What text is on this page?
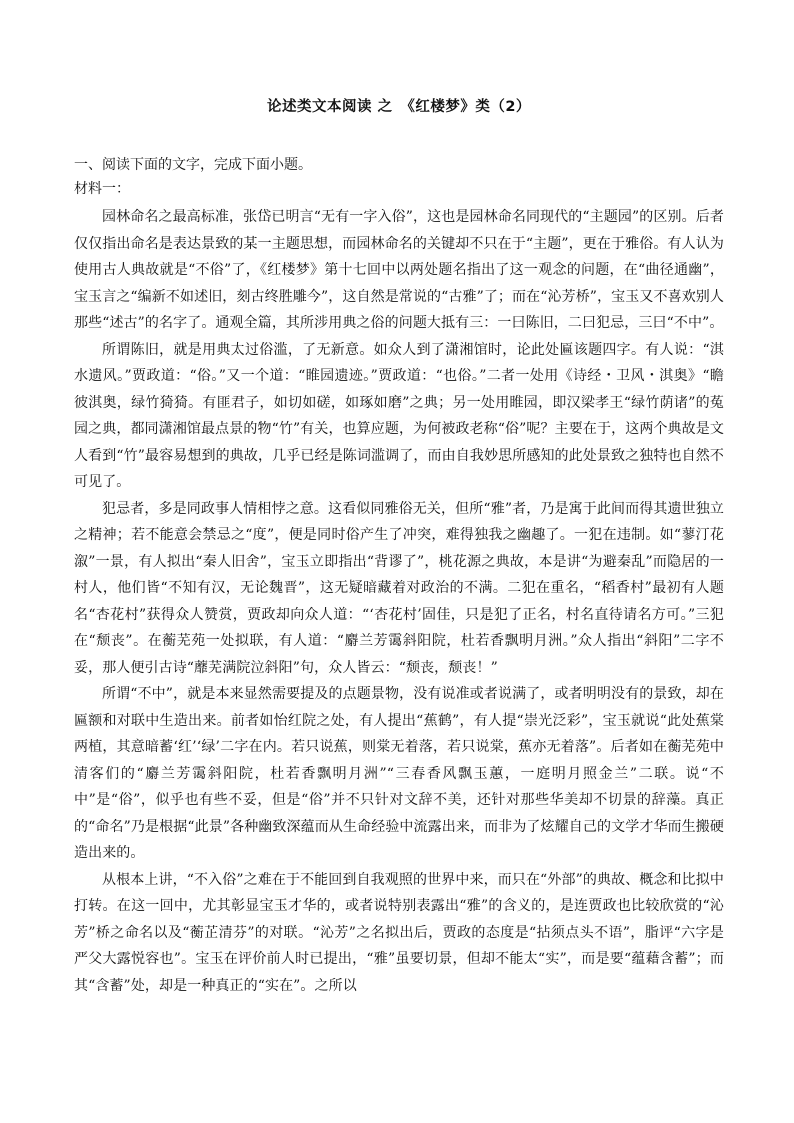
论述类文本阅读 之　《红楼梦》类（2）

一、阅读下面的文字，完成下面小题。

材料一：

园林命名之最高标准，张岱已明言“无有一字入俗”，这也是园林命名同现代的“主题园”的区别。后者仅仅指出命名是表达景致的某一主题思想，而园林命名的关键却不只在于“主题”，更在于雅俗。有人认为使用古人典故就是“不俗”了，《红楼梦》第十七回中以两处题名指出了这一观念的问题，在“曲径通幽”，宝玉言之“编新不如述旧，刻古终胜雕今”，这自然是常说的“古雅”了；而在“沁芳桥”，宝玉又不喜欢别人那些“述古”的名字了。通观全篇，其所涉用典之俗的问题大抵有三：一曰陈旧，二曰犯忌，三曰“不中”。

所谓陈旧，就是用典太过俗滥，了无新意。如众人到了潇湘馆时，论此处匾该题四字。有人说：“淇水遗风。”贾政道：“俗。”又一个道：“睢园遗迹。”贾政道：“也俗。”二者一处用《诗经・卫风・淇奥》“瞻彼淇奥，绿竹猗猗。有匪君子，如切如磋，如琢如磨”之典；另一处用睢园，即汉梁孝王“绿竹荫诸”的菟园之典，都同潇湘馆最点景的物“竹”有关，也算应题，为何被政老称“俗”呢？主要在于，这两个典故是文人看到“竹”最容易想到的典故，几乎已经是陈词滥调了，而由自我妙思所感知的此处景致之独特也自然不可见了。

犯忌者，多是同政事人情相悖之意。这看似同雅俗无关，但所“雅”者，乃是寓于此间而得其遗世独立之精神；若不能意会禁忌之“度”，便是同时俗产生了冲突，难得独我之幽趣了。一犯在违制。如“蓼汀花溆”一景，有人拟出“秦人旧舍”，宝玉立即指出“背谬了”，桃花源之典故，本是讲“为避秦乱”而隐居的一村人，他们皆“不知有汉，无论魏晋”，这无疑暗藏着对政治的不满。二犯在重名，“稻香村”最初有人题名“杏花村”获得众人赞赏，贾政却向众人道：“‘杏花村’固佳，只是犯了正名，村名直待请名方可。”三犯在“颓丧”。在蘅芜苑一处拟联，有人道：“麝兰芳霭斜阳院，杜若香飘明月洲。”众人指出“斜阳”二字不妥，那人便引古诗“蘼芜满院泣斜阳”句，众人皆云：“颓丧，颓丧！”

所谓“不中”，就是本来显然需要提及的点题景物，没有说准或者说满了，或者明明没有的景致，却在匾额和对联中生造出来。前者如怡红院之处，有人提出“蕉鹤”，有人提“崇光泛彩”，宝玉就说“此处蕉棠两植，其意暗蓄‘红’‘绿’二字在内。若只说蕉，则棠无着落，若只说棠，蕉亦无着落”。后者如在蘅芜苑中清客们的“麝兰芳霭斜阳院，杜若香飘明月洲”“三春香风飘玉蕙，一庭明月照金兰”二联。说“不中”是“俗”，似乎也有些不妥，但是“俗”并不只针对文辞不美，还针对那些华美却不切景的辞藻。真正的“命名”乃是根据“此景”各种幽致深蕴而从生命经验中流露出来，而非为了炫耀自己的文学才华而生搬硬造出来的。

从根本上讲，“不入俗”之难在于不能回到自我观照的世界中来，而只在“外部”的典故、概念和比拟中打转。在这一回中，尤其彰显宝玉才华的，或者说特别表露出“雅”的含义的，是连贾政也比较欣赏的“沁芳”桥之命名以及“蘅芷清芬”的对联。“沁芳”之名拟出后，贾政的态度是“拈须点头不语”，脂评“六字是严父大露悦容也”。宝玉在评价前人时已提出，“雅”虽要切景，但却不能太“实”，而是要“蕴藉含蓄”；而其“含蓄”处，却是一种真正的“实在”。之所以
